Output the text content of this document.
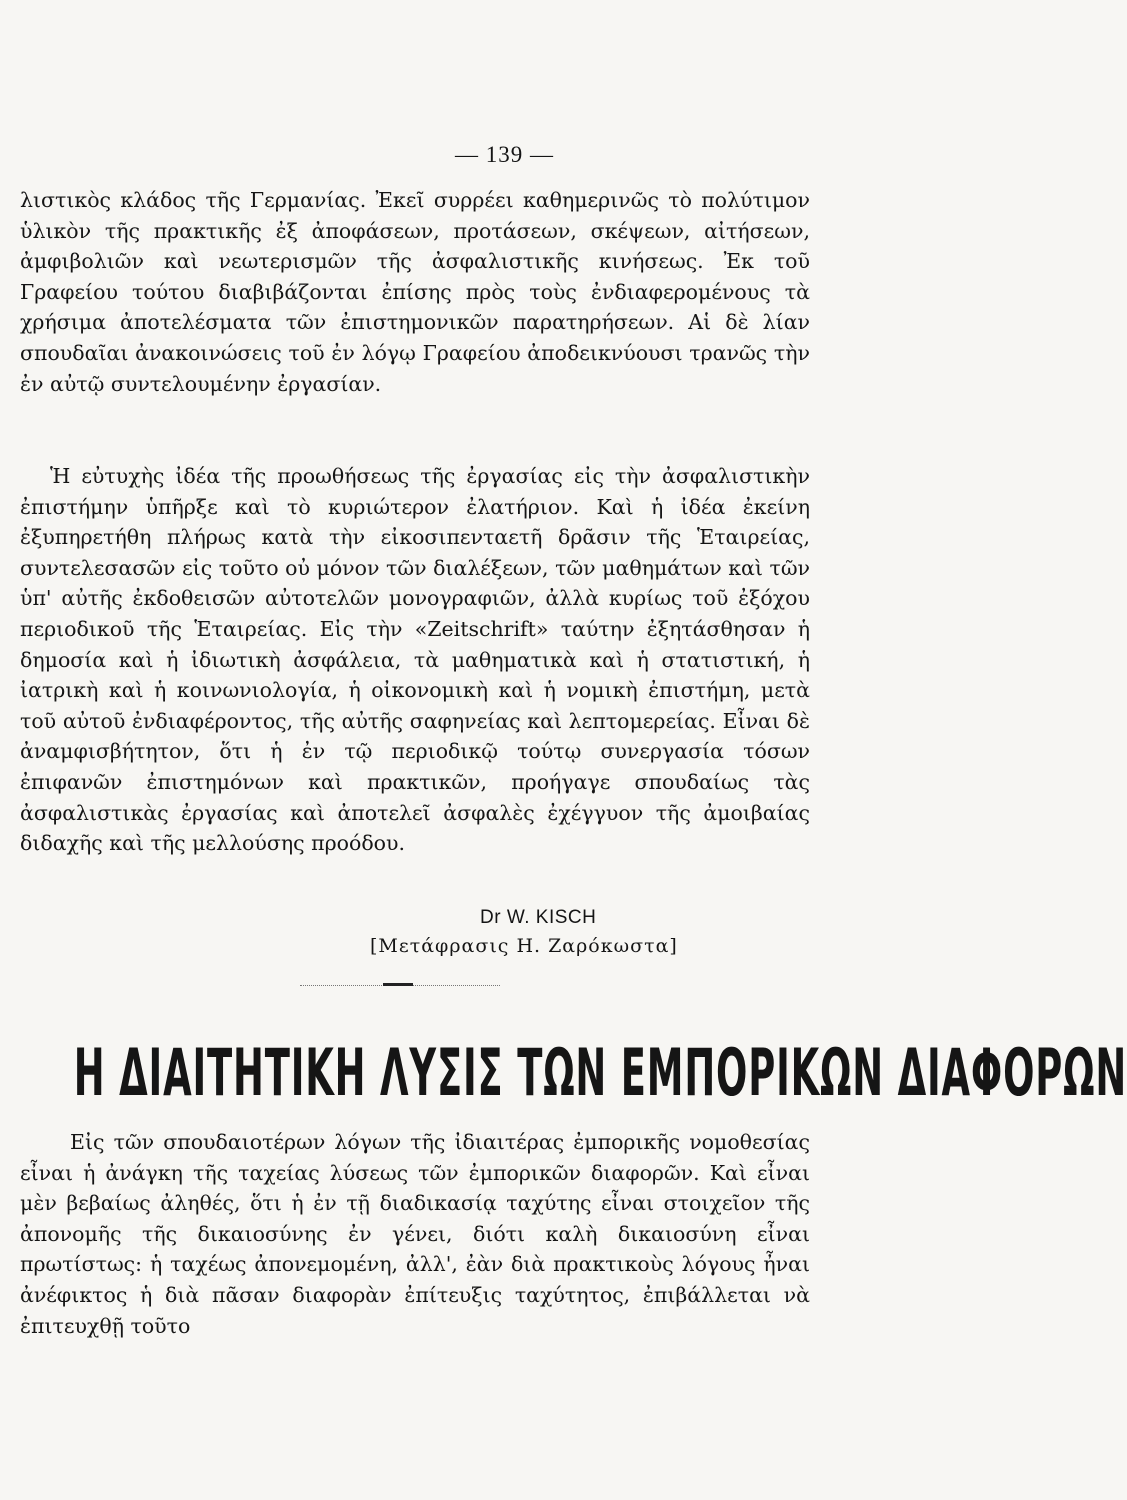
— 139 —

λιστικὸς κλάδος τῆς Γερμανίας. Ἐκεῖ συρρέει καθημερινῶς τὸ πολύτιμον ὑλικὸν τῆς πρακτικῆς ἐξ ἀποφάσεων, προτάσεων, σκέψεων, αἰτήσεων, ἀμφιβολιῶν καὶ νεωτερισμῶν τῆς ἀσφαλιστικῆς κινήσεως. Ἐκ τοῦ Γραφείου τούτου διαβιβάζονται ἐπίσης πρὸς τοὺς ἐνδιαφερομένους τὰ χρήσιμα ἀποτελέσματα τῶν ἐπιστημονικῶν παρατηρήσεων. Αἱ δὲ λίαν σπουδαῖαι ἀνακοινώσεις τοῦ ἐν λόγῳ Γραφείου ἀποδεικνύουσι τρανῶς τὴν ἐν αὐτῷ συντελουμένην ἐργασίαν.

Ἡ εὐτυχὴς ἰδέα τῆς προωθήσεως τῆς ἐργασίας εἰς τὴν ἀσφαλιστικὴν ἐπιστήμην ὑπῆρξε καὶ τὸ κυριώτερον ἐλατήριον. Καὶ ἡ ἰδέα ἐκείνη ἐξυπηρετήθη πλήρως κατὰ τὴν εἰκοσιπενταετῆ δρᾶσιν τῆς Ἑταιρείας, συντελεσασῶν εἰς τοῦτο οὐ μόνον τῶν διαλέξεων, τῶν μαθημάτων καὶ τῶν ὑπ' αὐτῆς ἐκδοθεισῶν αὐτοτελῶν μονογραφιῶν, ἀλλὰ κυρίως τοῦ ἐξόχου περιοδικοῦ τῆς Ἑταιρείας. Εἰς τὴν «Zeitschrift» ταύτην ἐξητάσθησαν ἡ δημοσία καὶ ἡ ἰδιωτικὴ ἀσφάλεια, τὰ μαθηματικὰ καὶ ἡ στατιστική, ἡ ἰατρικὴ καὶ ἡ κοινωνιολογία, ἡ οἰκονομικὴ καὶ ἡ νομικὴ ἐπιστήμη, μετὰ τοῦ αὐτοῦ ἐνδιαφέροντος, τῆς αὐτῆς σαφηνείας καὶ λεπτομερείας. Εἶναι δὲ ἀναμφισβήτητον, ὅτι ἡ ἐν τῷ περιοδικῷ τούτῳ συνεργασία τόσων ἐπιφανῶν ἐπιστημόνων καὶ πρακτικῶν, προήγαγε σπουδαίως τὰς ἀσφαλιστικὰς ἐργασίας καὶ ἀποτελεῖ ἀσφαλὲς ἐχέγγυον τῆς ἀμοιβαίας διδαχῆς καὶ τῆς μελλούσης προόδου.

Dr W. KISCH
[Μετάφρασις Η. Ζαρόκωστα]
Η ΔΙΑΙΤΗΤΙΚΗ ΛΥΣΙΣ ΤΩΝ ΕΜΠΟΡΙΚΩΝ ΔΙΑΦΟΡΩΝ

Εἰς τῶν σπουδαιοτέρων λόγων τῆς ἰδιαιτέρας ἐμπορικῆς νομοθεσίας εἶναι ἡ ἀνάγκη τῆς ταχείας λύσεως τῶν ἐμπορικῶν διαφορῶν. Καὶ εἶναι μὲν βεβαίως ἀληθές, ὅτι ἡ ἐν τῇ διαδικασίᾳ ταχύτης εἶναι στοιχεῖον τῆς ἀπονομῆς τῆς δικαιοσύνης ἐν γένει, διότι καλὴ δικαιοσύνη εἶναι πρωτίστως: ἡ ταχέως ἀπονεμομένη, ἀλλ', ἐὰν διὰ πρακτικοὺς λόγους ἦναι ἀνέφικτος ἡ διὰ πᾶσαν διαφορὰν ἐπίτευξις ταχύτητος, ἐπιβάλλεται νὰ ἐπιτευχθῇ τοῦτο
